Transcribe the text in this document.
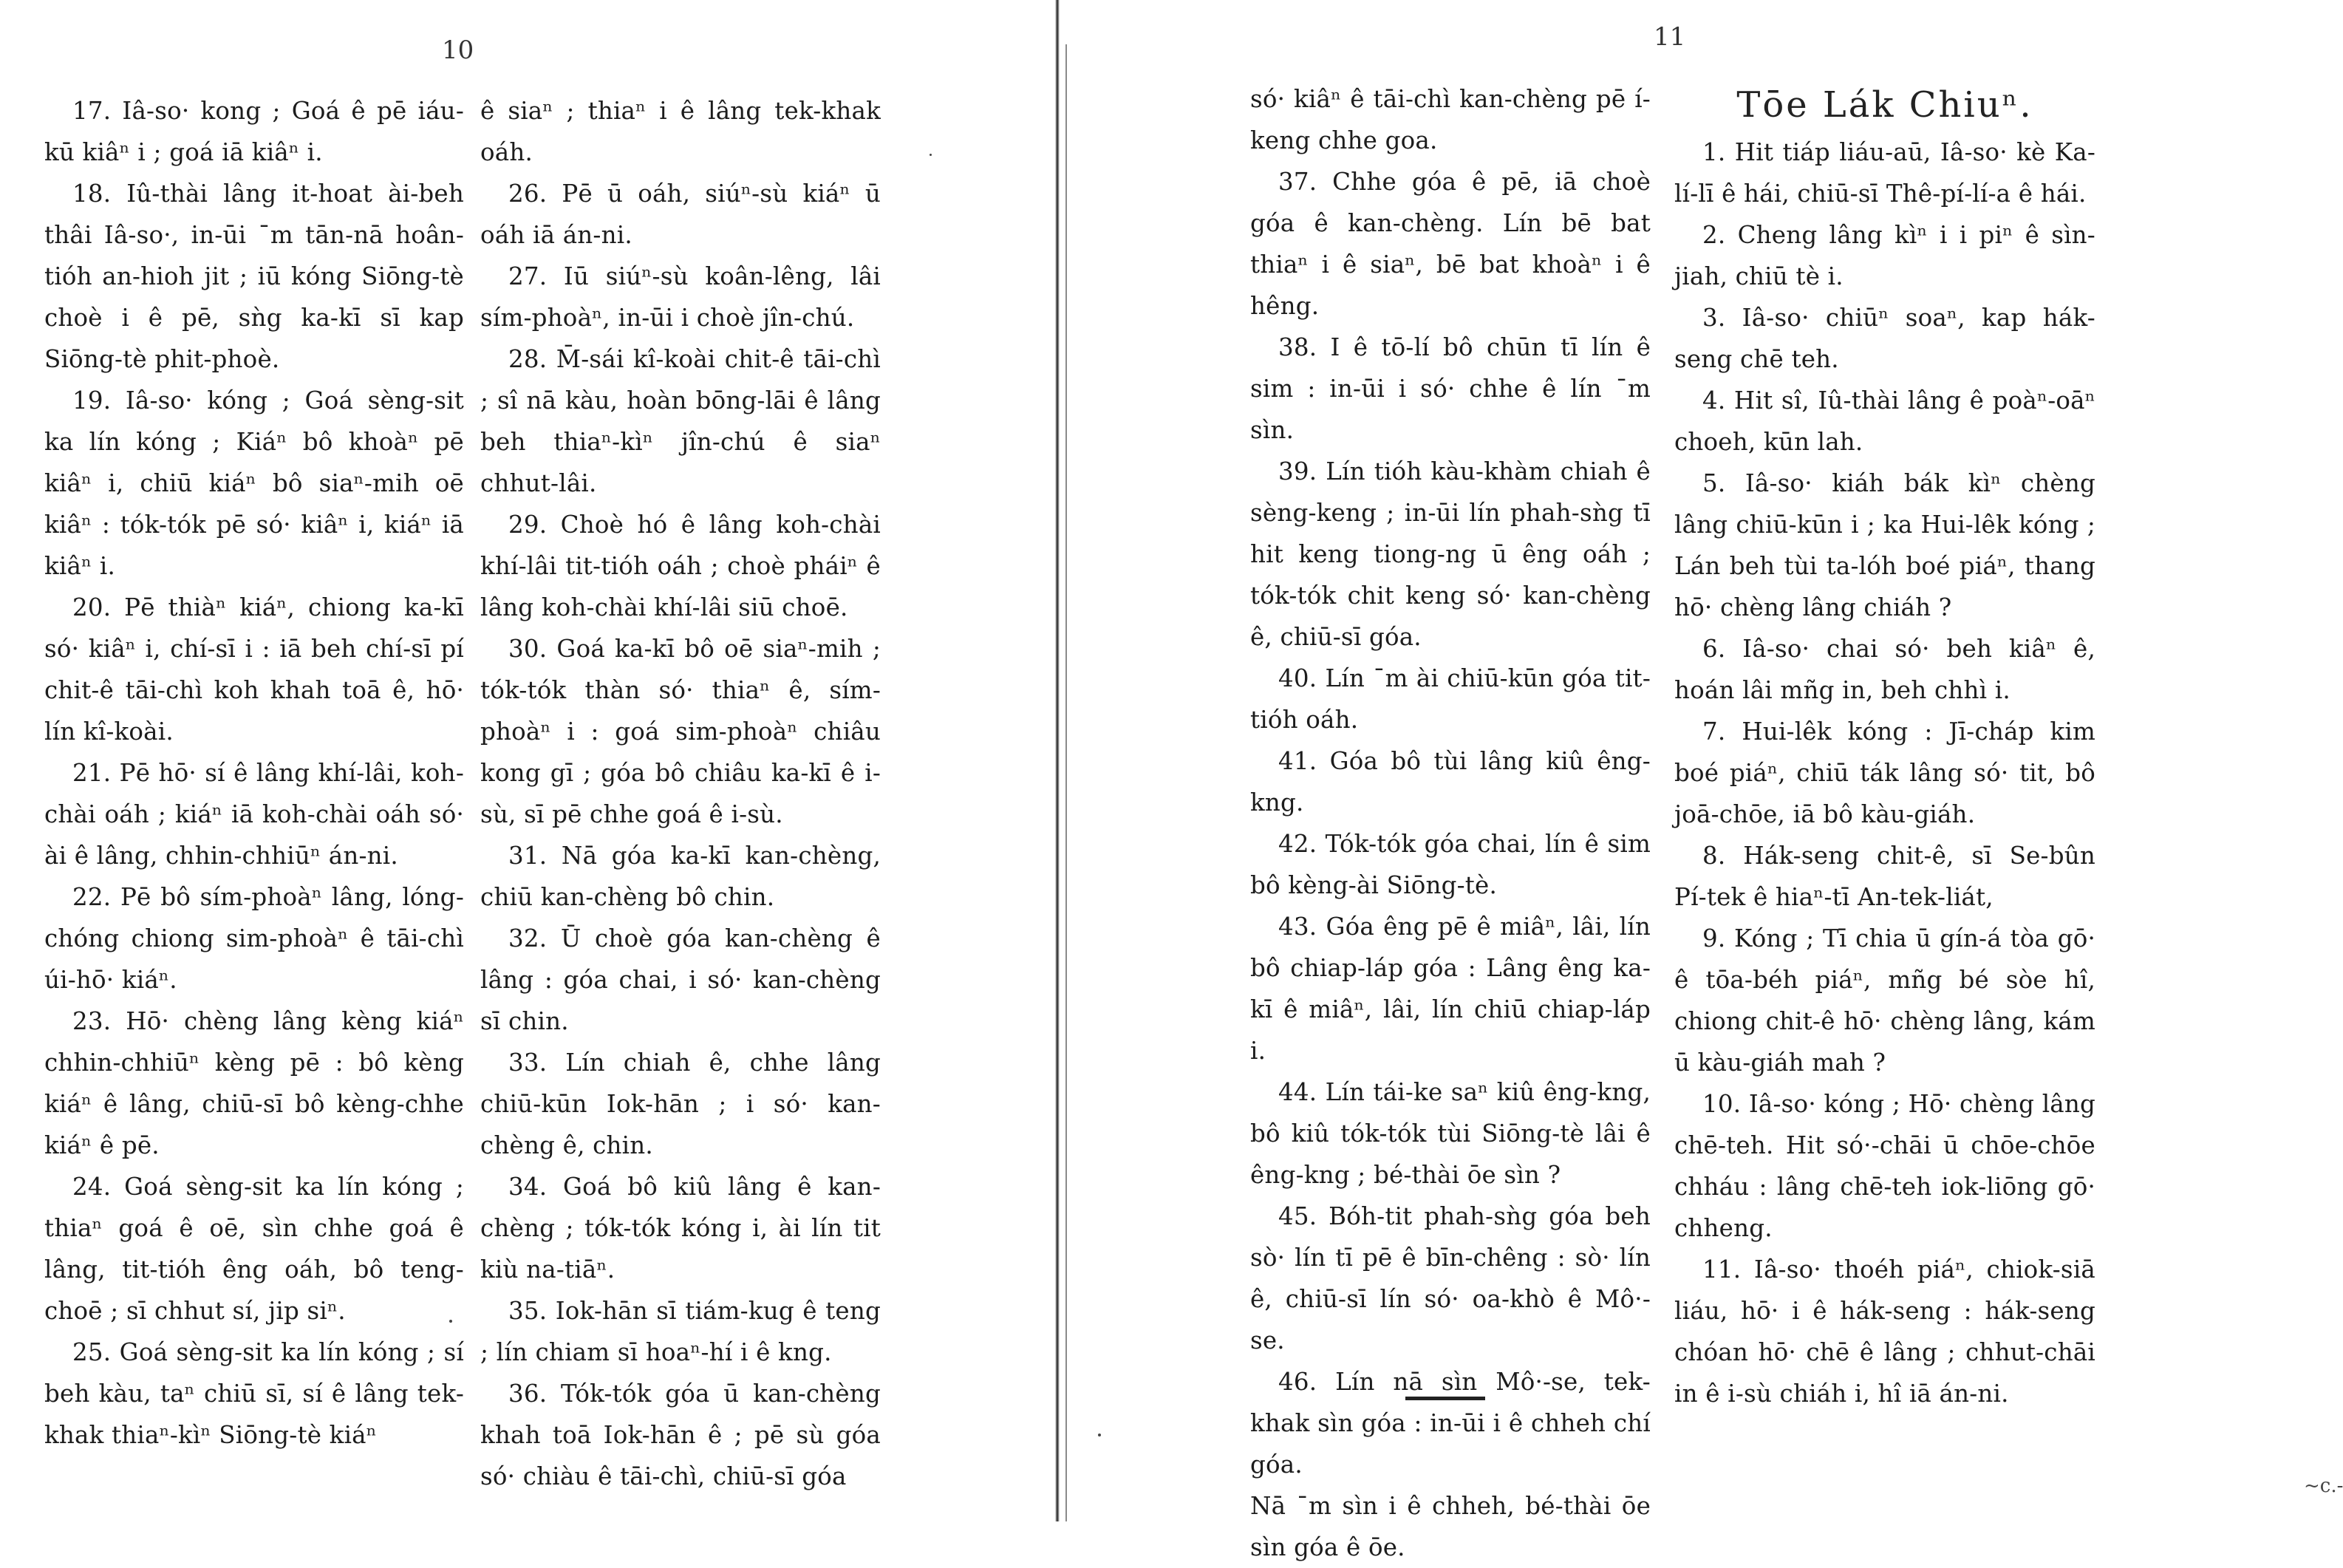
10

17. Iâ-so· kong ; Goá ê pē iáu-kū kiâⁿ i ; goá iā kiâⁿ i.

18. Iû-thài lâng it-hoat ài-beh thâi Iâ-so·, in-ūi ˉm tān-nā hoân-tióh an-hioh jit ; iū kóng Siōng-tè choè i ê pē, sǹg ka-kī sī kap Siōng-tè phit-phoè.

19. Iâ-so· kóng ; Goá sèng-sit ka lín kóng ; Kiáⁿ bô khoàⁿ pē kiâⁿ i, chiū kiáⁿ bô siaⁿ-mih oē kiâⁿ : tók-tók pē só· kiâⁿ i, kiáⁿ iā kiâⁿ i.

20. Pē thiàⁿ kiáⁿ, chiong ka-kī só· kiâⁿ i, chí-sī i : iā beh chí-sī pí chit-ê tāi-chì koh khah toā ê, hō· lín kî-koài.

21. Pē hō· sí ê lâng khí-lâi, koh-chài oáh ; kiáⁿ iā koh-chài oáh só· ài ê lâng, chhin-chhiūⁿ án-ni.

22. Pē bô sím-phoàⁿ lâng, lóng-chóng chiong sim-phoàⁿ ê tāi-chì úi-hō· kiáⁿ.

23. Hō· chèng lâng kèng kiáⁿ chhin-chhiūⁿ kèng pē : bô kèng kiáⁿ ê lâng, chiū-sī bô kèng-chhe kiáⁿ ê pē.

24. Goá sèng-sit ka lín kóng ; thiaⁿ goá ê oē, sìn chhe goá ê lâng, tit-tióh êng oáh, bô teng-choē ; sī chhut sí, jip siⁿ.

25. Goá sèng-sit ka lín kóng ; sí beh kàu, taⁿ chiū sī, sí ê lâng tek-khak thiaⁿ-kìⁿ Siōng-tè kiáⁿ

ê siaⁿ ; thiaⁿ i ê lâng tek-khak oáh.

26. Pē ū oáh, siúⁿ-sù kiáⁿ ū oáh iā án-ni.

27. Iū siúⁿ-sù koân-lêng, lâi sím-phoàⁿ, in-ūi i choè jîn-chú.

28. M̄-sái kî-koài chit-ê tāi-chì ; sî nā kàu, hoàn bōng-lāi ê lâng beh thiaⁿ-kìⁿ jîn-chú ê siaⁿ chhut-lâi.

29. Choè hó ê lâng koh-chài khí-lâi tit-tióh oáh ; choè pháiⁿ ê lâng koh-chài khí-lâi siū choē.

30. Goá ka-kī bô oē siaⁿ-mih ; tók-tók thàn só· thiaⁿ ê, sím-phoàⁿ i : goá sim-phoàⁿ chiâu kong gī ; góa bô chiâu ka-kī ê i-sù, sī pē chhe goá ê i-sù.

31. Nā góa ka-kī kan-chèng, chiū kan-chèng bô chin.

32. Ū choè góa kan-chèng ê lâng : góa chai, i só· kan-chèng sī chin.

33. Lín chiah ê, chhe lâng chiū-kūn Iok-hān ; i só· kan-chèng ê, chin.

34. Goá bô kiû lâng ê kan-chèng ; tók-tók kóng i, ài lín tit kiù na-tiāⁿ.

35. Iok-hān sī tiám-kug ê teng ; lín chiam sī hoaⁿ-hí i ê kng.

36. Tók-tók góa ū kan-chèng khah toā Iok-hān ê ; pē sù góa só· chiàu ê tāi-chì, chiū-sī góa

11

só· kiâⁿ ê tāi-chì kan-chèng pē í-keng chhe goa.

37. Chhe góa ê pē, iā choè góa ê kan-chèng. Lín bē bat thiaⁿ i ê siaⁿ, bē bat khoàⁿ i ê hêng.

38. I ê tō-lí bô chūn tī lín ê sim : in-ūi i só· chhe ê lín ˉm sìn.

39. Lín tióh kàu-khàm chiah ê sèng-keng ; in-ūi lín phah-sǹg tī hit keng tiong-ng ū êng oáh ; tók-tók chit keng só· kan-chèng ê, chiū-sī góa.

40. Lín ˉm ài chiū-kūn góa tit-tióh oáh.

41. Góa bô tùi lâng kiû êng-kng.

42. Tók-tók góa chai, lín ê sim bô kèng-ài Siōng-tè.

43. Góa êng pē ê miâⁿ, lâi, lín bô chiap-láp góa : Lâng êng ka-kī ê miâⁿ, lâi, lín chiū chiap-láp i.

44. Lín tái-ke saⁿ kiû êng-kng, bô kiû tók-tók tùi Siōng-tè lâi ê êng-kng ; bé-thài ōe sìn ?

45. Bóh-tit phah-sǹg góa beh sò· lín tī pē ê bīn-chêng : sò· lín ê, chiū-sī lín só· oa-khò ê Mô·-se.

46. Lín nā sìn Mô·-se, tek-khak sìn góa : in-ūi i ê chheh chí góa.

Nā ˉm sìn i ê chheh, bé-thài ōe sìn góa ê ōe.

Tōe Lák Chiuⁿ.

1. Hit tiáp liáu-aū, Iâ-so· kè Ka-lí-lī ê hái, chiū-sī Thê-pí-lí-a ê hái.

2. Cheng lâng kìⁿ i i piⁿ ê sìn-jiah, chiū tè i.

3. Iâ-so· chiūⁿ soaⁿ, kap hák-seng chē teh.

4. Hit sî, Iû-thài lâng ê poàⁿ-oāⁿ choeh, kūn lah.

5. Iâ-so· kiáh bák kìⁿ chèng lâng chiū-kūn i ; ka Hui-lêk kóng ; Lán beh tùi ta-lóh boé piáⁿ, thang hō· chèng lâng chiáh ?

6. Iâ-so· chai só· beh kiâⁿ ê, hoán lâi mñg in, beh chhì i.

7. Hui-lêk kóng : Jī-cháp kim boé piáⁿ, chiū ták lâng só· tit, bô joā-chōe, iā bô kàu-giáh.

8. Hák-seng chit-ê, sī Se-bûn Pí-tek ê hiaⁿ-tī An-tek-liát,

9. Kóng ; Tī chia ū gín-á tòa gō· ê tōa-béh piáⁿ, mñg bé sòe hî, chiong chit-ê hō· chèng lâng, kám ū kàu-giáh mah ?

10. Iâ-so· kóng ; Hō· chèng lâng chē-teh. Hit só·-chāi ū chōe-chōe chháu : lâng chē-teh iok-liōng gō· chheng.

11. Iâ-so· thoéh piáⁿ, chiok-siā liáu, hō· i ê hák-seng : hák-seng chóan hō· chē ê lâng ; chhut-chāi in ê i-sù chiáh i, hî iā án-ni.

~c.-
